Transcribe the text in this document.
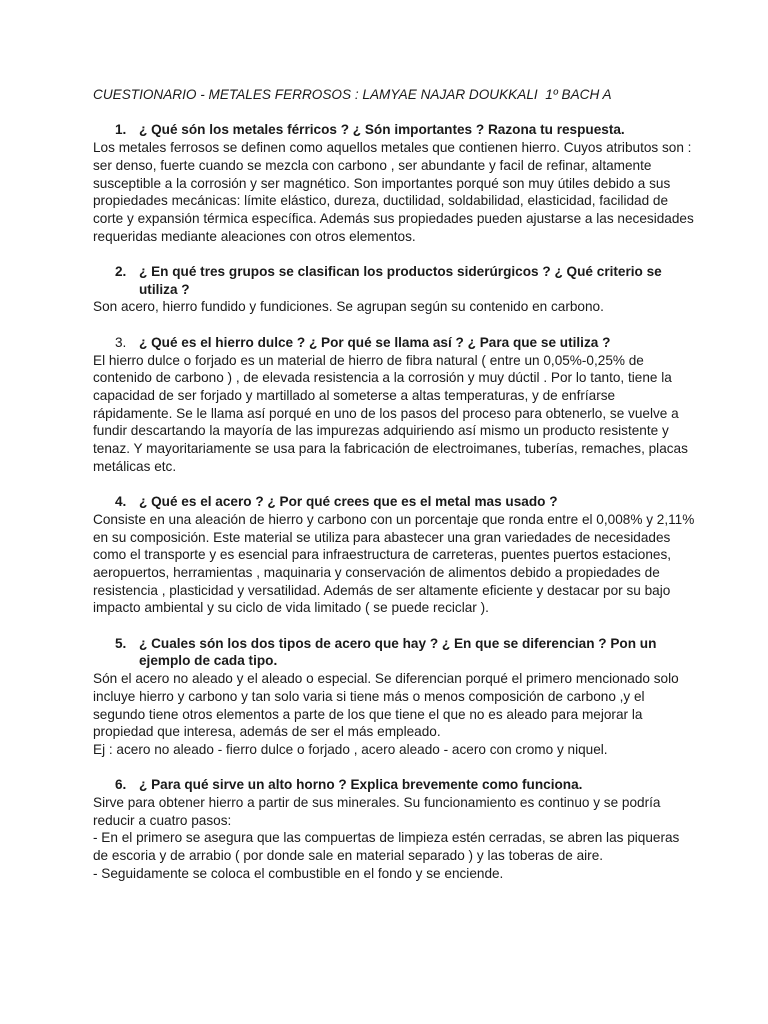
CUESTIONARIO - METALES FERROSOS : LAMYAE NAJAR DOUKKALI  1º BACH A

1. ¿ Qué són los metales férricos ? ¿ Són importantes ? Razona tu respuesta.

Los metales ferrosos se definen como aquellos metales que contienen hierro. Cuyos atributos son : ser denso, fuerte cuando se mezcla con carbono , ser abundante y facil de refinar, altamente susceptible a la corrosión y ser magnético. Son importantes porqué son muy útiles debido a sus propiedades mecánicas: límite elástico, dureza, ductilidad, soldabilidad, elasticidad, facilidad de corte y expansión térmica específica. Además sus propiedades pueden ajustarse a las necesidades requeridas mediante aleaciones con otros elementos.

2. ¿ En qué tres grupos se clasifican los productos siderúrgicos ? ¿ Qué criterio se utiliza ?

Son acero, hierro fundido y fundiciones. Se agrupan según su contenido en carbono.

3. ¿ Qué es el hierro dulce ? ¿ Por qué se llama así ? ¿ Para que se utiliza ?

El hierro dulce o forjado es un material de hierro de fibra natural ( entre un 0,05%-0,25% de contenido de carbono ) , de elevada resistencia a la corrosión y muy dúctil . Por lo tanto, tiene la capacidad de ser forjado y martillado al someterse a altas temperaturas, y de enfríarse rápidamente. Se le llama así porqué en uno de los pasos del proceso para obtenerlo, se vuelve a fundir descartando la mayoría de las impurezas adquiriendo así mismo un producto resistente y tenaz. Y mayoritariamente se usa para la fabricación de electroimanes, tuberías, remaches, placas metálicas etc.

4. ¿ Qué es el acero ? ¿ Por qué crees que es el metal mas usado ?

Consiste en una aleación de hierro y carbono con un porcentaje que ronda entre el 0,008% y 2,11% en su composición. Este material se utiliza para abastecer una gran variedades de necesidades como el transporte y es esencial para infraestructura de carreteras, puentes puertos estaciones, aeropuertos, herramientas , maquinaria y conservación de alimentos debido a propiedades de resistencia , plasticidad y versatilidad. Además de ser altamente eficiente y destacar por su bajo impacto ambiental y su ciclo de vida limitado ( se puede reciclar ).

5. ¿ Cuales són los dos tipos de acero que hay ? ¿ En que se diferencian ? Pon un ejemplo de cada tipo.

Són el acero no aleado y el aleado o especial. Se diferencian porqué el primero mencionado solo incluye hierro y carbono y tan solo varia si tiene más o menos composición de carbono ,y el segundo tiene otros elementos a parte de los que tiene el que no es aleado para mejorar la propiedad que interesa, además de ser el más empleado.
Ej : acero no aleado - fierro dulce o forjado , acero aleado - acero con cromo y niquel.

6. ¿ Para qué sirve un alto horno ? Explica brevemente como funciona.

Sirve para obtener hierro a partir de sus minerales. Su funcionamiento es continuo y se podría reducir a cuatro pasos:
- En el primero se asegura que las compuertas de limpieza estén cerradas, se abren las piqueras de escoria y de arrabio ( por donde sale en material separado ) y las toberas de aire.
- Seguidamente se coloca el combustible en el fondo y se enciende.
